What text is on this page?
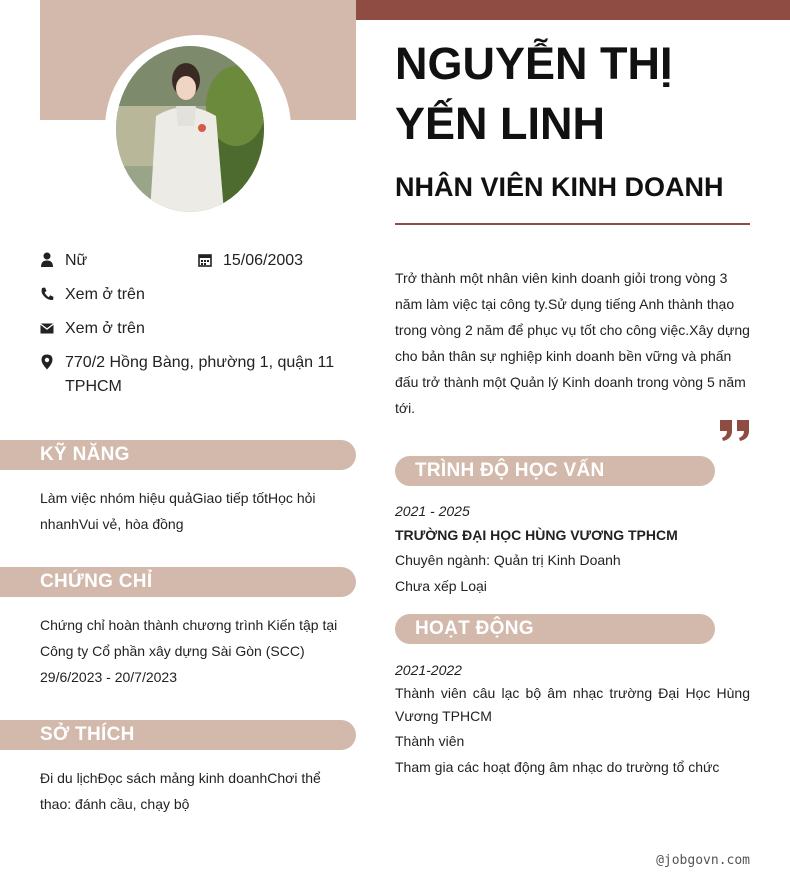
Nữ	15/06/2003
Xem ở trên
Xem ở trên
770/2 Hồng Bàng, phường 1, quận 11 TPHCM
KỸ NĂNG
Làm việc nhóm hiệu quảGiao tiếp tốtHọc hỏi nhanhVui vẻ, hòa đồng
CHỨNG CHỈ
Chứng chỉ hoàn thành chương trình Kiến tập tại Công ty Cổ phần xây dựng Sài Gòn (SCC)
29/6/2023 - 20/7/2023
SỞ THÍCH
Đi du lịchĐọc sách mảng kinh doanhChơi thể thao: đánh cầu, chạy bộ
NGUYỄN THỊ YẾN LINH
NHÂN VIÊN KINH DOANH
Trở thành một nhân viên kinh doanh giỏi trong vòng 3 năm làm việc tại công ty.Sử dụng tiếng Anh thành thạo trong vòng 2 năm để phục vụ tốt cho công việc.Xây dựng cho bản thân sự nghiệp kinh doanh bền vững và phấn đấu trở thành một Quản lý Kinh doanh trong vòng 5 năm tới.
TRÌNH ĐỘ HỌC VẤN
2021 - 2025
TRƯỜNG ĐẠI HỌC HÙNG VƯƠNG TPHCM
Chuyên ngành: Quản trị Kinh Doanh
Chưa xếp Loại
HOẠT ĐỘNG
2021-2022
Thành viên câu lạc bộ âm nhạc trường Đại Học Hùng Vương TPHCM
Thành viên
Tham gia các hoạt động âm nhạc do trường tổ chức
@jobgovn.com
